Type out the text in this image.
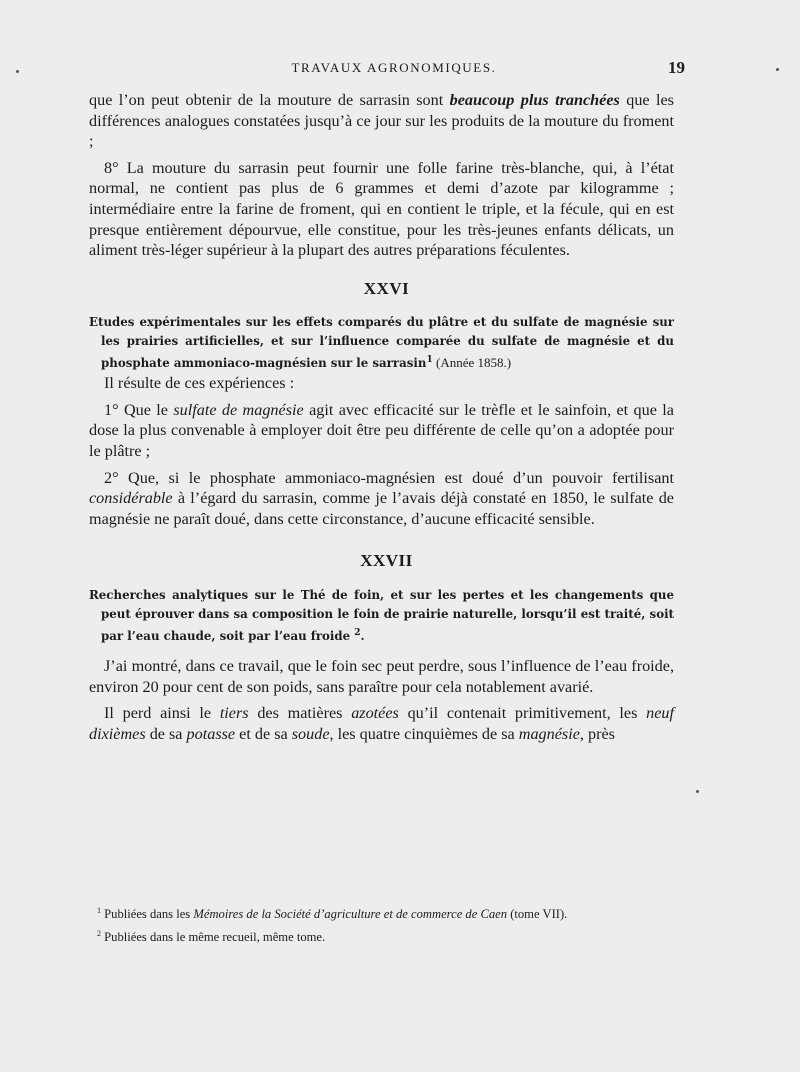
TRAVAUX AGRONOMIQUES.	19

que l’on peut obtenir de la mouture de sarrasin sont beaucoup plus tranchées que les différences analogues constatées jusqu’à ce jour sur les produits de la mouture du froment ;

8° La mouture du sarrasin peut fournir une folle farine très-blanche, qui, à l’état normal, ne contient pas plus de 6 grammes et demi d’azote par kilogramme ; intermédiaire entre la farine de froment, qui en contient le triple, et la fécule, qui en est presque entièrement dépourvue, elle constitue, pour les très-jeunes enfants délicats, un aliment très-léger supérieur à la plupart des autres préparations féculentes.

XXVI

Etudes expérimentales sur les effets comparés du plâtre et du sulfate de magnésie sur les prairies artificielles, et sur l’influence comparée du sulfate de magnésie et du phosphate ammoniaco-magnésien sur le sarrasin$^1$ (Année 1858.)

Il résulte de ces expériences :

1° Que le sulfate de magnésie agit avec efficacité sur le trèfle et le sainfoin, et que la dose la plus convenable à employer doit être peu différente de celle qu’on a adoptée pour le plâtre ;

2° Que, si le phosphate ammoniaco-magnésien est doué d’un pouvoir fertilisant considérable à l’égard du sarrasin, comme je l’avais déjà constaté en 1850, le sulfate de magnésie ne paraît doué, dans cette circonstance, d’aucune efficacité sensible.

XXVII

Recherches analytiques sur le Thé de foin, et sur les pertes et les changements que peut éprouver dans sa composition le foin de prairie naturelle, lorsqu’il est traité, soit par l’eau chaude, soit par l’eau froide $^2$.

J’ai montré, dans ce travail, que le foin sec peut perdre, sous l’influence de l’eau froide, environ 20 pour cent de son poids, sans paraître pour cela notablement avarié.

Il perd ainsi le tiers des matières azotées qu’il contenait primitivement, les neuf dixièmes de sa potasse et de sa soude, les quatre cinquièmes de sa magnésie, près

$^1$ Publiées dans les Mémoires de la Société d’agriculture et de commerce de Caen (tome VII).

$^2$ Publiées dans le même recueil, même tome.
